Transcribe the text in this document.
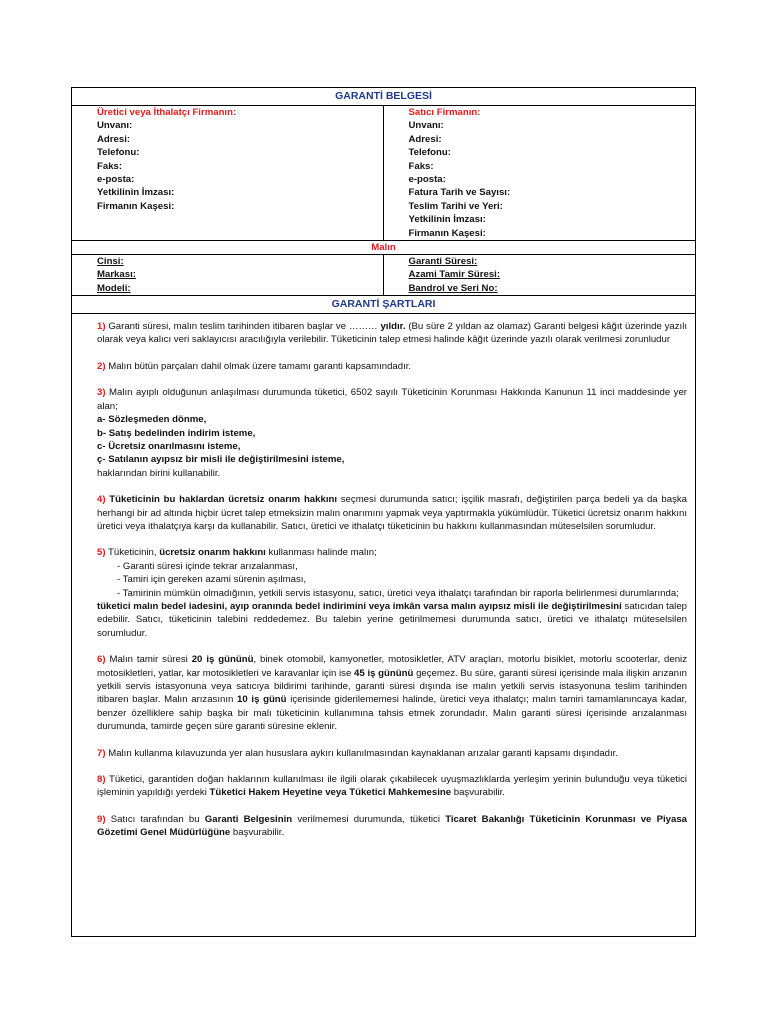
GARANTİ BELGESİ
Üretici veya İthalatçı Firmanın:
Unvanı:
Adresi:
Telefonu:
Faks:
e-posta:
Yetkilinin İmzası:
Firmanın Kaşesi:
Satıcı Firmanın:
Unvanı:
Adresi:
Telefonu:
Faks:
e-posta:
Fatura Tarih ve Sayısı:
Teslim Tarihi ve Yeri:
Yetkilinin İmzası:
Firmanın Kaşesi:
Malın
Cinsi:
Markası:
Modeli:
Garanti Süresi:
Azami Tamir Süresi:
Bandrol ve Seri No:
GARANTİ ŞARTLARI
1) Garanti süresi, malın teslim tarihinden itibaren başlar ve ……… yıldır. (Bu süre 2 yıldan az olamaz) Garanti belgesi kâğıt üzerinde yazılı olarak veya kalıcı veri saklayıcısı aracılığıyla verilebilir. Tüketicinin talep etmesi halinde kâğıt üzerinde yazılı olarak verilmesi zorunludur
2) Malın bütün parçaları dahil olmak üzere tamamı garanti kapsamındadır.
3) Malın ayıplı olduğunun anlaşılması durumunda tüketici, 6502 sayılı Tüketicinin Korunması Hakkında Kanunun 11 inci maddesinde yer alan;
a- Sözleşmeden dönme,
b- Satış bedelinden indirim isteme,
c- Ücretsiz onarılmasını isteme,
ç- Satılanın ayıpsız bir misli ile değiştirilmesini isteme,
haklarından birini kullanabilir.
4) Tüketicinin bu haklardan ücretsiz onarım hakkını seçmesi durumunda satıcı; işçilik masrafı, değiştirilen parça bedeli ya da başka herhangi bir ad altında hiçbir ücret talep etmeksizin malın onarımını yapmak veya yaptırmakla yükümlüdür. Tüketici ücretsiz onarım hakkını üretici veya ithalatçıya karşı da kullanabilir. Satıcı, üretici ve ithalatçı tüketicinin bu hakkını kullanmasından müteselsilen sorumludur.
5) Tüketicinin, ücretsiz onarım hakkını kullanması halinde malın;
- Garanti süresi içinde tekrar arızalanması,
- Tamiri için gereken azami sürenin aşılması,
- Tamirinin mümkün olmadığının, yetkili servis istasyonu, satıcı, üretici veya ithalatçı tarafından bir raporla belirlenmesi durumlarında;
tüketici malın bedel iadesini, ayıp oranında bedel indirimini veya imkân varsa malın ayıpsız misli ile değiştirilmesini satıcıdan talep edebilir. Satıcı, tüketicinin talebini reddedemez. Bu talebin yerine getirilmemesi durumunda satıcı, üretici ve ithalatçı müteselsilen sorumludur.
6) Malın tamir süresi 20 iş gününü, binek otomobil, kamyonetler, motosikletler, ATV araçları, motorlu bisiklet, motorlu scooterlar, deniz motosikletleri, yatlar, kar motosikletleri ve karavanlar için ise 45 iş gününü geçemez. Bu süre, garanti süresi içerisinde mala ilişkin arızanın yetkili servis istasyonuna veya satıcıya bildirimi tarihinde, garanti süresi dışında ise malın yetkili servis istasyonuna teslim tarihinden itibaren başlar. Malın arızasının 10 iş günü içerisinde giderilememesi halinde, üretici veya ithalatçı; malın tamiri tamamlanıncaya kadar, benzer özelliklere sahip başka bir malı tüketicinin kullanımına tahsis etmek zorundadır. Malın garanti süresi içerisinde arızalanması durumunda, tamirde geçen süre garanti süresine eklenir.
7) Malın kullanma kılavuzunda yer alan hususlara aykırı kullanılmasından kaynaklanan arızalar garanti kapsamı dışındadır.
8) Tüketici, garantiden doğan haklarının kullanılması ile ilgili olarak çıkabilecek uyuşmazlıklarda yerleşim yerinin bulunduğu veya tüketici işleminin yapıldığı yerdeki Tüketici Hakem Heyetine veya Tüketici Mahkemesine başvurabilir.
9) Satıcı tarafından bu Garanti Belgesinin verilmemesi durumunda, tüketici Ticaret Bakanlığı Tüketicinin Korunması ve Piyasa Gözetimi Genel Müdürlüğüne başvurabilir.
